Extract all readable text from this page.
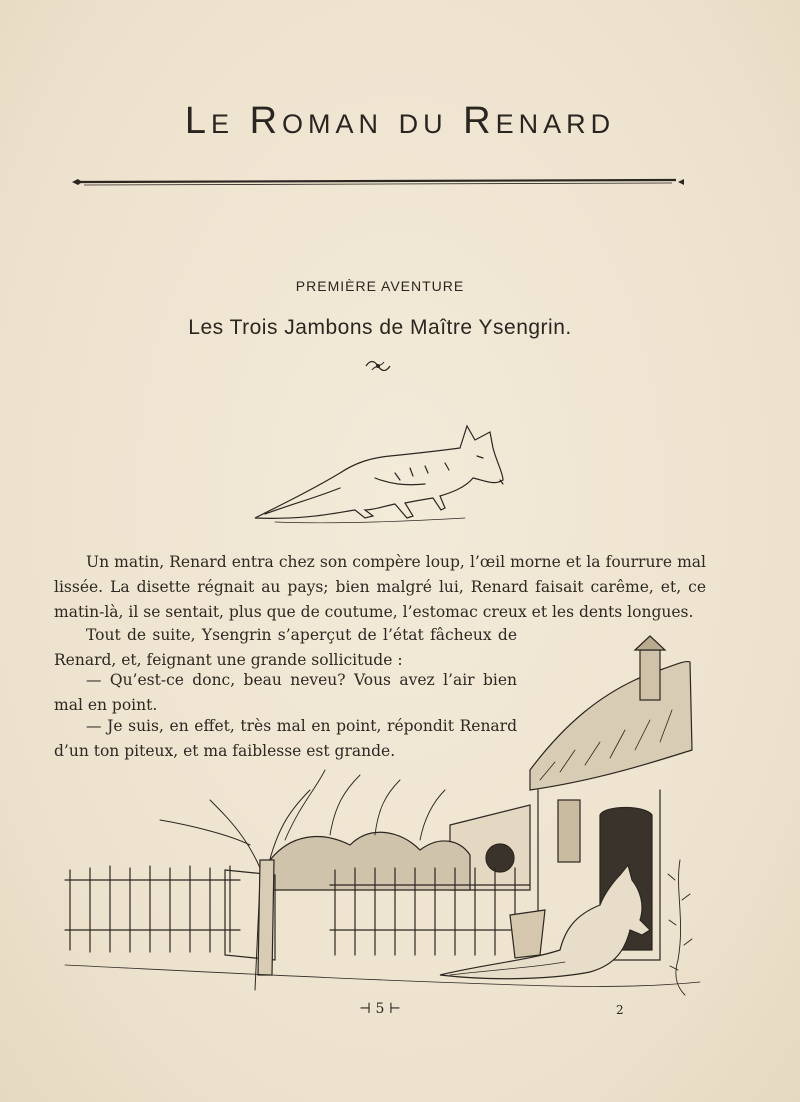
Le Roman du Renard
PREMIÈRE AVENTURE
Les Trois Jambons de Maître Ysengrin.

Un matin, Renard entra chez son compère loup, l’œil morne et la fourrure mal lissée. La disette régnait au pays; bien malgré lui, Renard faisait carême, et, ce matin-là, il se sentait, plus que de coutume, l’estomac creux et les dents longues.

Tout de suite, Ysengrin s’aperçut de l’état fâcheux de Renard, et, feignant une grande sollicitude :

— Qu’est-ce donc, beau neveu? Vous avez l’air bien mal en point.

— Je suis, en effet, très mal en point, répondit Renard d’un ton piteux, et ma faiblesse est grande.

⊣ 5 ⊢	2
